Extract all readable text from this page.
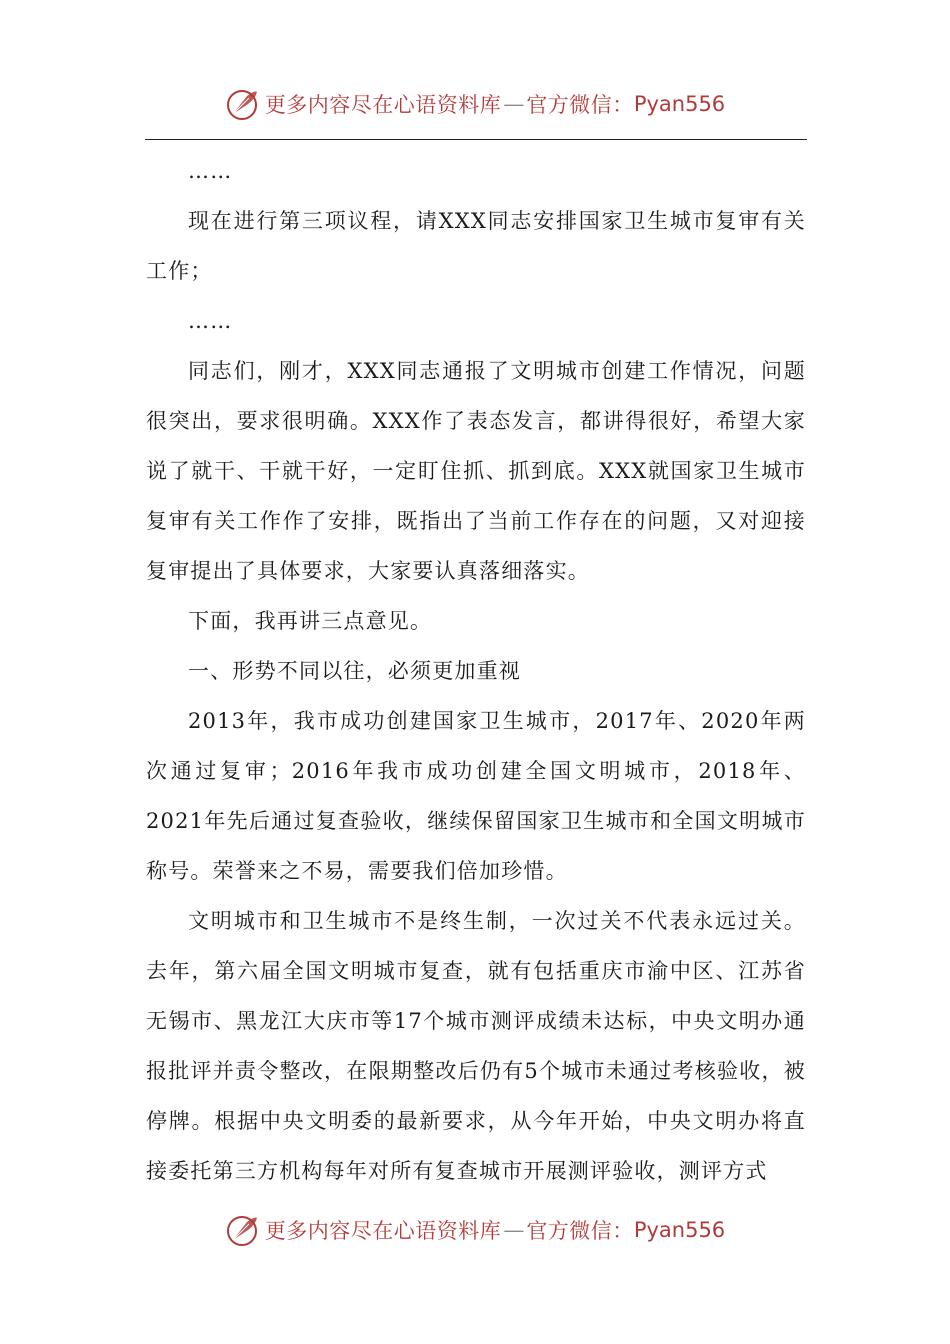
更多内容尽在心语资料库 — 官方微信： Pyan556

……

现在进行第三项议程，请XXX同志安排国家卫生城市复审有关工作；

……

同志们，刚才，XXX同志通报了文明城市创建工作情况，问题很突出，要求很明确。XXX作了表态发言，都讲得很好，希望大家说了就干、干就干好，一定盯住抓、抓到底。XXX就国家卫生城市复审有关工作作了安排，既指出了当前工作存在的问题，又对迎接复审提出了具体要求，大家要认真落细落实。

下面，我再讲三点意见。

一、形势不同以往，必须更加重视

2013年，我市成功创建国家卫生城市，2017年、2020年两次通过复审；2016年我市成功创建全国文明城市，2018年、2021年先后通过复查验收，继续保留国家卫生城市和全国文明城市称号。荣誉来之不易，需要我们倍加珍惜。

文明城市和卫生城市不是终生制，一次过关不代表永远过关。去年，第六届全国文明城市复查，就有包括重庆市渝中区、江苏省无锡市、黑龙江大庆市等17个城市测评成绩未达标，中央文明办通报批评并责令整改，在限期整改后仍有5个城市未通过考核验收，被停牌。根据中央文明委的最新要求，从今年开始，中央文明办将直接委托第三方机构每年对所有复查城市开展测评验收，测评方式

更多内容尽在心语资料库 — 官方微信： Pyan556
